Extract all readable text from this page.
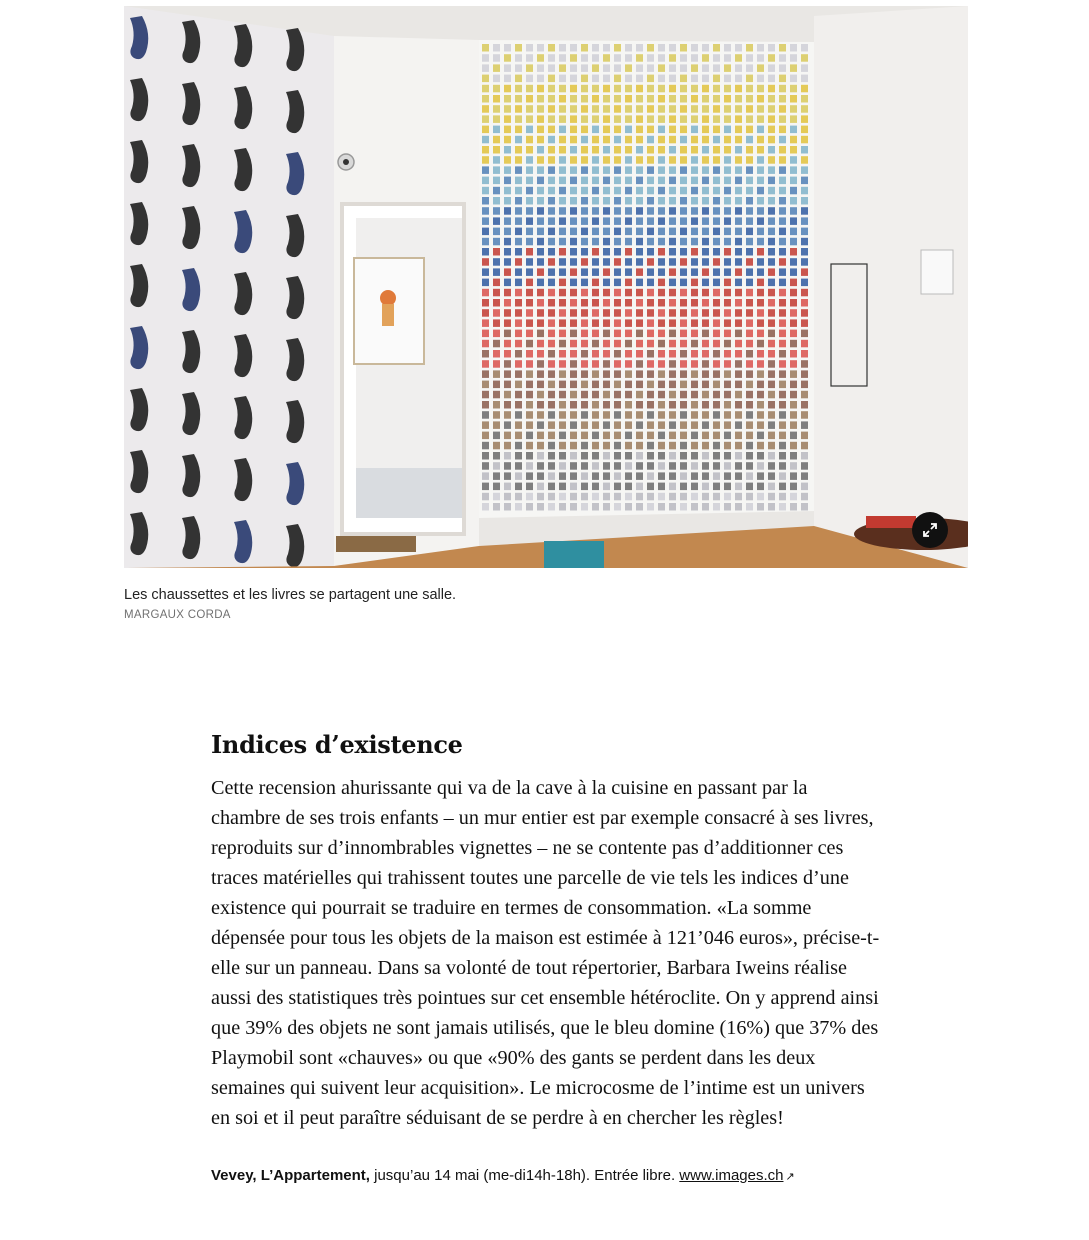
Les chaussettes et les livres se partagent une salle.
MARGAUX CORDA
Indices d’existence

Cette recension ahurissante qui va de la cave à la cuisine en passant par la chambre de ses trois enfants – un mur entier est par exemple consacré à ses livres, reproduits sur d’innombrables vignettes – ne se contente pas d’additionner ces traces matérielles qui trahissent toutes une parcelle de vie tels les indices d’une existence qui pourrait se traduire en termes de consommation. «La somme dépensée pour tous les objets de la maison est estimée à 121’046 euros», précise-t-elle sur un panneau. Dans sa volonté de tout répertorier, Barbara Iweins réalise aussi des statistiques très pointues sur cet ensemble hétéroclite. On y apprend ainsi que 39% des objets ne sont jamais utilisés, que le bleu domine (16%) que 37% des Playmobil sont «chauves» ou que «90% des gants se perdent dans les deux semaines qui suivent leur acquisition». Le microcosme de l’intime est un univers en soi et il peut paraître séduisant de se perdre à en chercher les règles!

Vevey, L’Appartement, jusqu’au 14 mai (me-di14h-18h). Entrée libre. www.images.ch ↗
